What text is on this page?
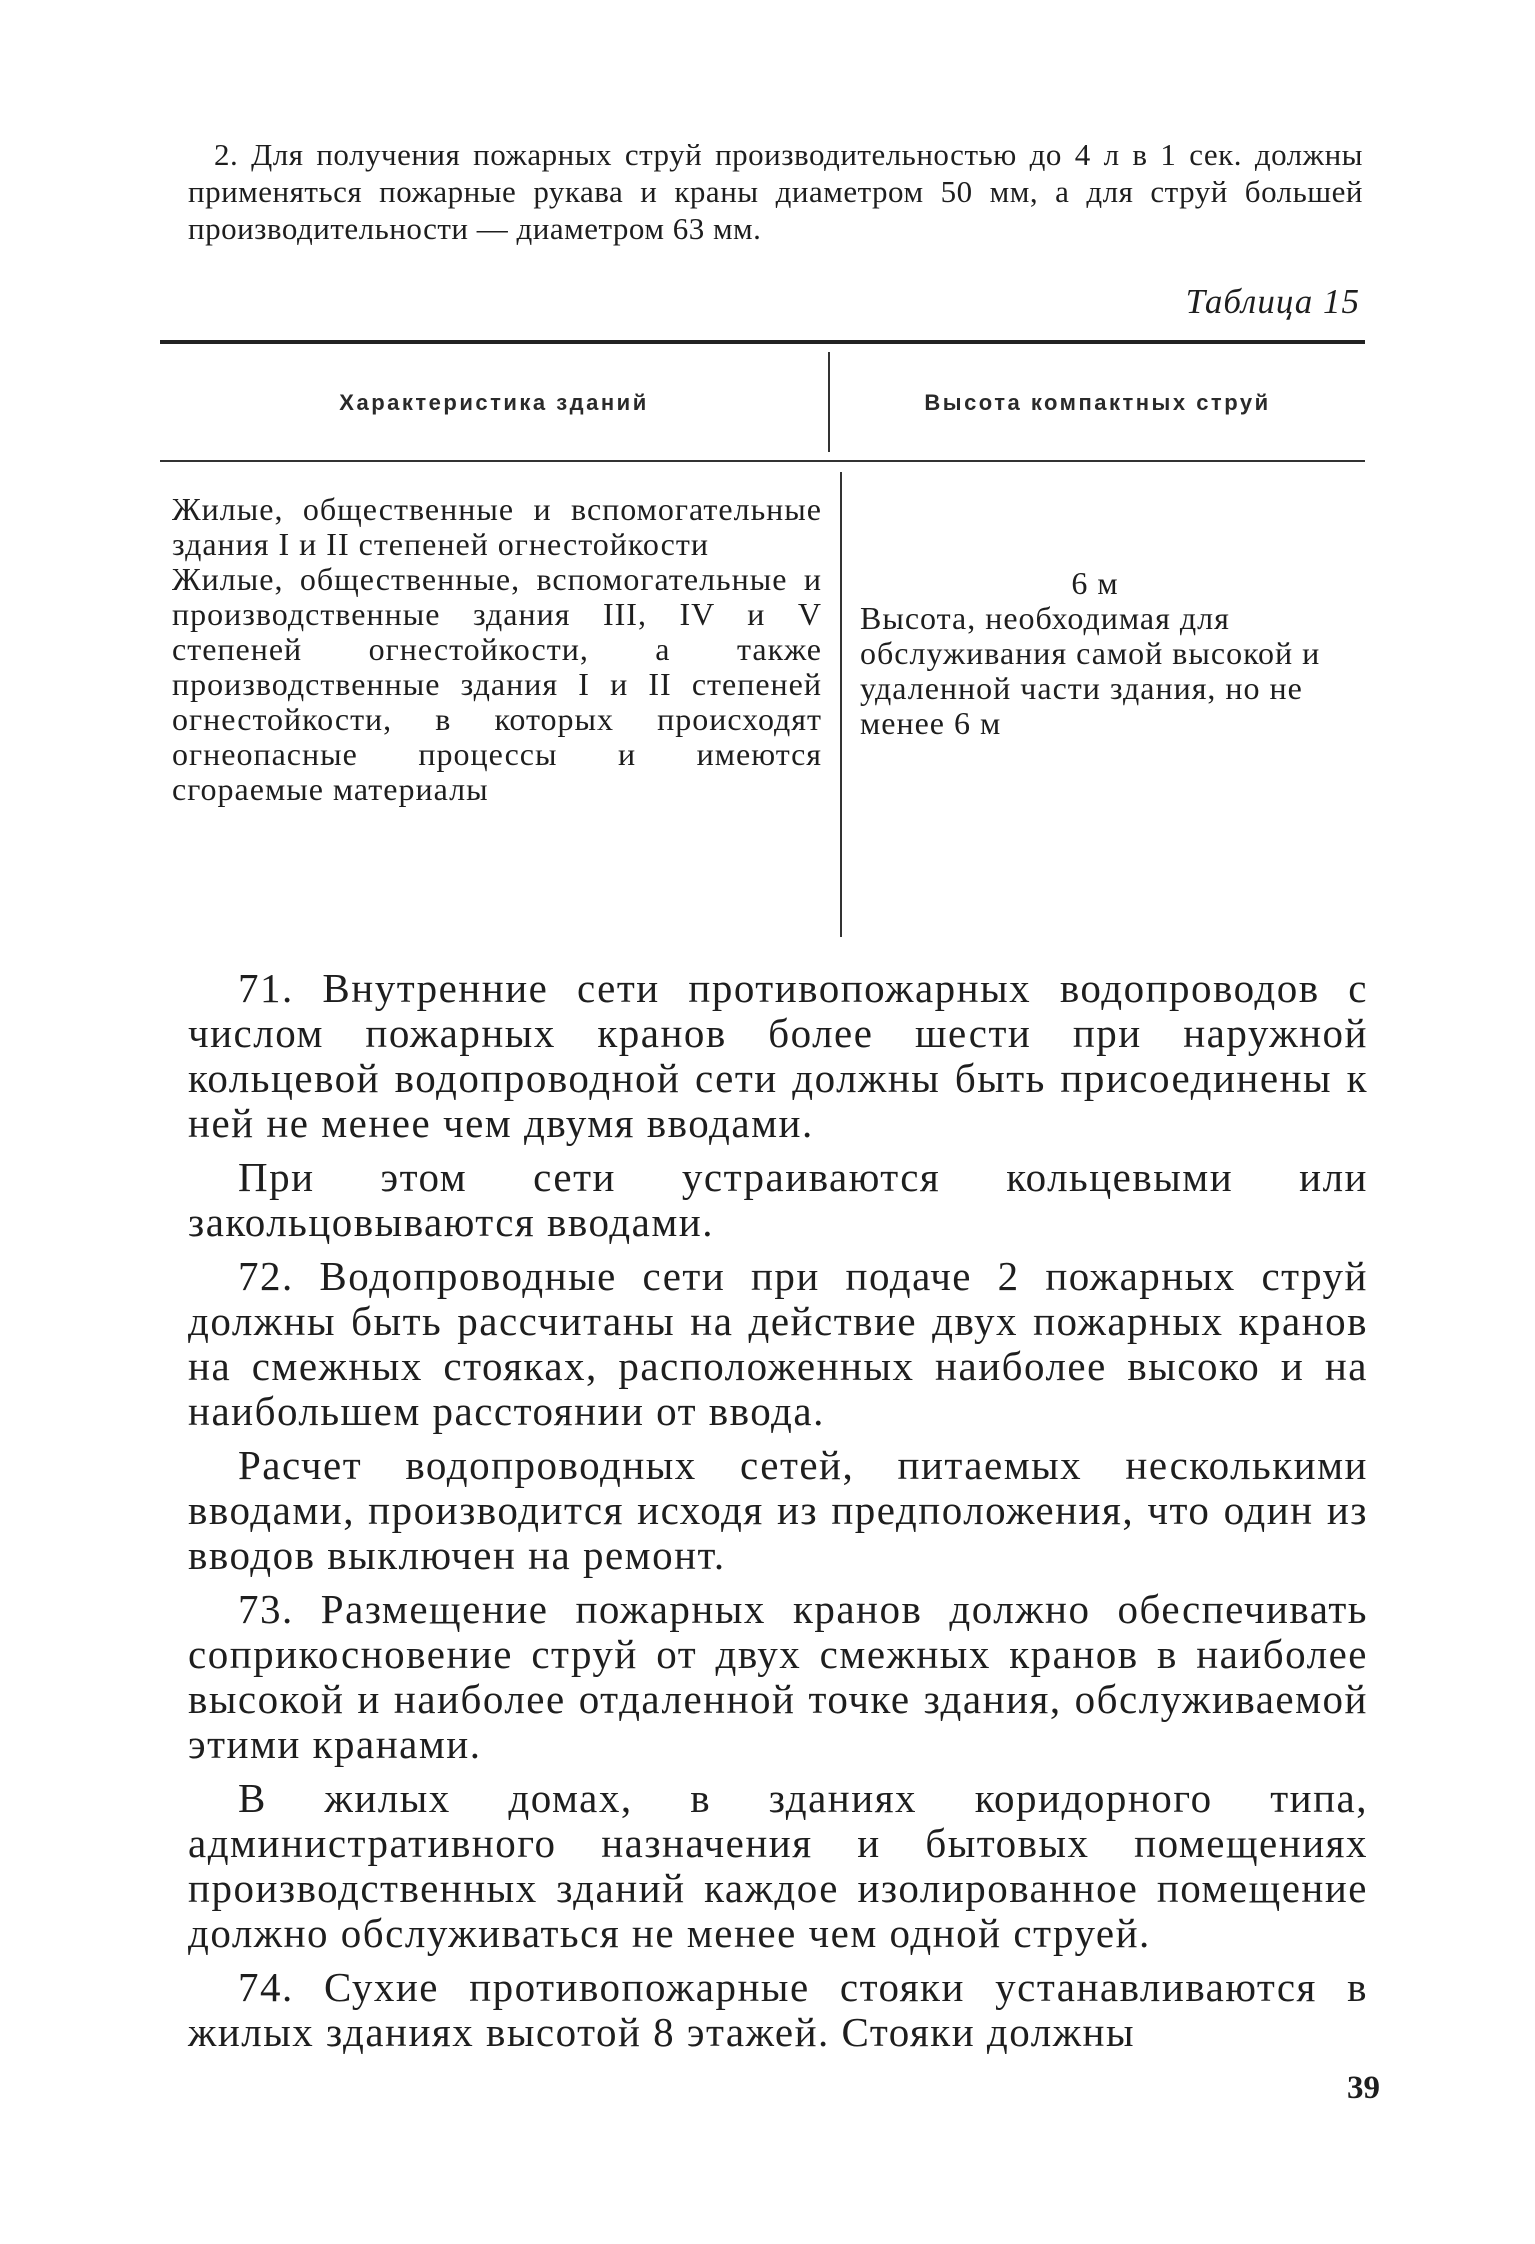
2. Для получения пожарных струй производительностью до 4 л в 1 сек. должны применяться пожарные рукава и краны диаметром 50 мм, а для струй большей производительности — диаметром 63 мм.

Таблица 15
Характеристика зданий	Высота компактных струй

Жилые, общественные и вспомогательные здания I и II степеней огнестойкости

Жилые, общественные, вспомогательные и производственные здания III, IV и V степеней огнестойкости, а также производственные здания I и II степеней огнестойкости, в которых происходят огнеопасные процессы и имеются сгораемые материалы

6 м

Высота, необходимая для обслуживания самой высокой и удаленной части здания, но не менее 6 м

71. Внутренние сети противопожарных водопроводов с числом пожарных кранов более шести при наружной кольцевой водопроводной сети должны быть присоединены к ней не менее чем двумя вводами.

При этом сети устраиваются кольцевыми или закольцовываются вводами.

72. Водопроводные сети при подаче 2 пожарных струй должны быть рассчитаны на действие двух пожарных кранов на смежных стояках, расположенных наиболее высоко и на наибольшем расстоянии от ввода.

Расчет водопроводных сетей, питаемых несколькими вводами, производится исходя из предположения, что один из вводов выключен на ремонт.

73. Размещение пожарных кранов должно обеспечивать соприкосновение струй от двух смежных кранов в наиболее высокой и наиболее отдаленной точке здания, обслуживаемой этими кранами.

В жилых домах, в зданиях коридорного типа, административного назначения и бытовых помещениях производственных зданий каждое изолированное помещение должно обслуживаться не менее чем одной струей.

74. Сухие противопожарные стояки устанавливаются в жилых зданиях высотой 8 этажей. Стояки должны

39
